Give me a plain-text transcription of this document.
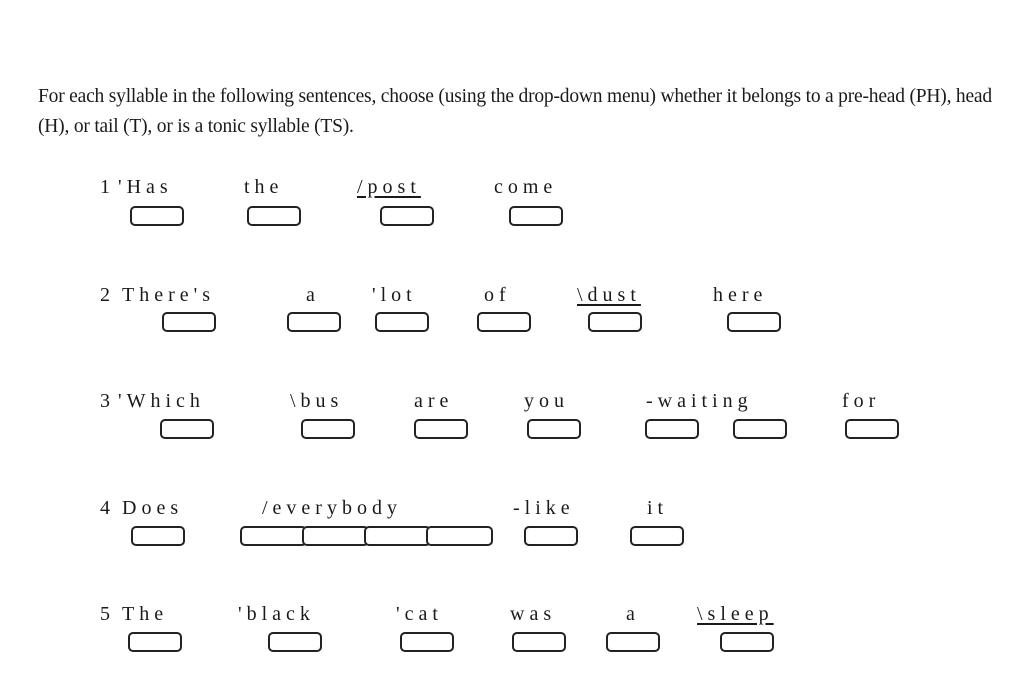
For each syllable in the following sentences, choose (using the drop-down menu) whether it belongs to a pre-head (PH), head (H), or tail (T), or is a tonic syllable (TS).
1 'Has	the	/post	come
2 There's	a	'lot	of	\dust	here
3 'Which	\bus	are	you	-waiting	for
4 Does	/everybody	-like	it
5 The	'black	'cat	was	a	\sleep
